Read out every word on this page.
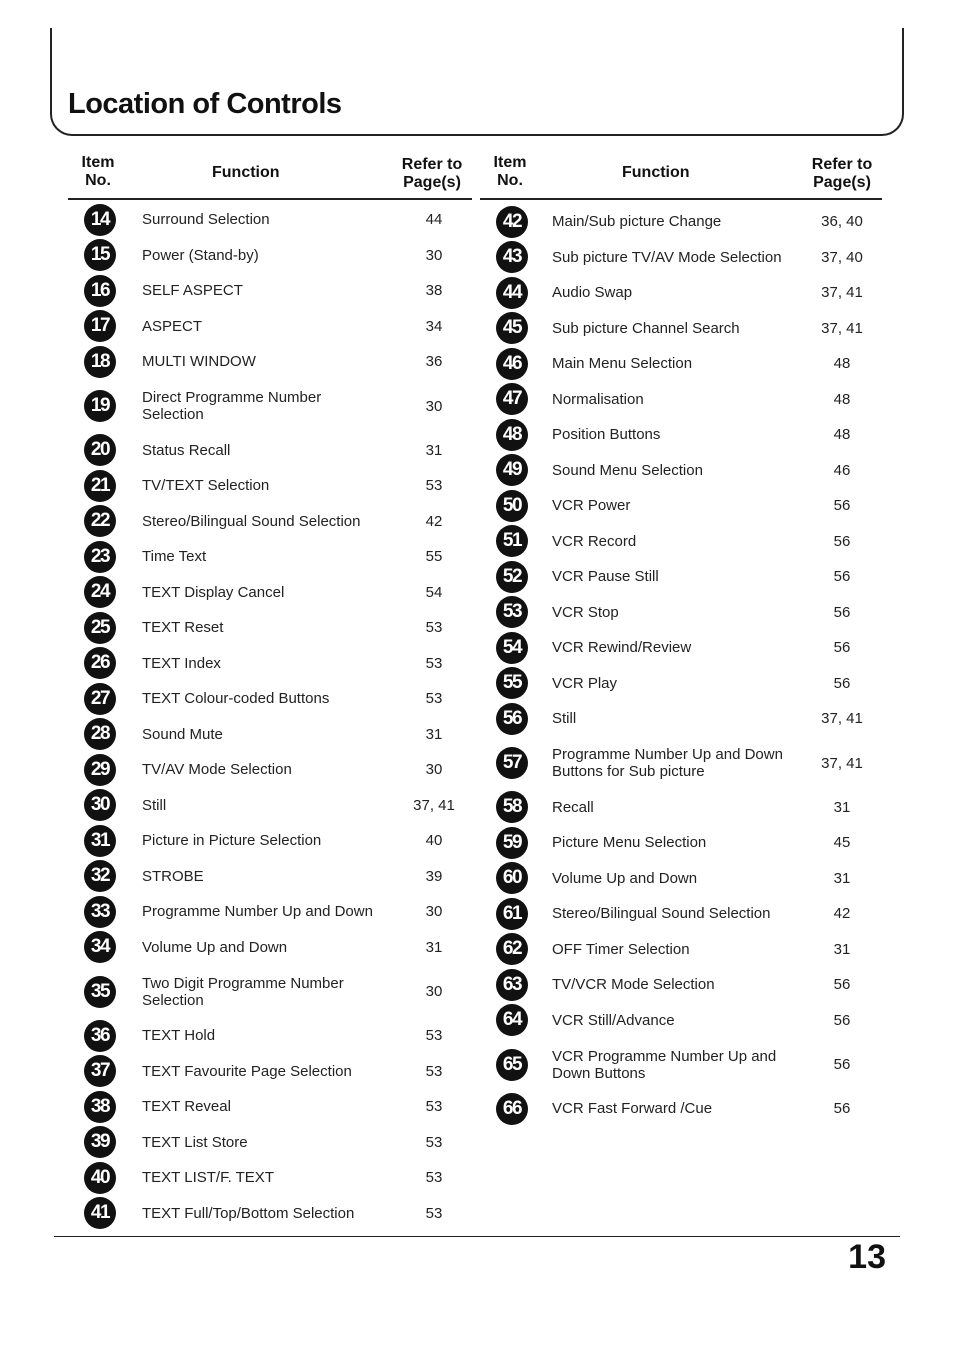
Location of Controls
Item
No.	Function	Refer to
Page(s)
14	Surround Selection	44
15	Power (Stand-by)	30
16	SELF ASPECT	38
17	ASPECT	34
18	MULTI WINDOW	36
19	Direct Programme Number
Selection	30
20	Status Recall	31
21	TV/TEXT Selection	53
22	Stereo/Bilingual Sound Selection	42
23	Time Text	55
24	TEXT Display Cancel	54
25	TEXT Reset	53
26	TEXT Index	53
27	TEXT Colour-coded Buttons	53
28	Sound Mute	31
29	TV/AV Mode Selection	30
30	Still	37, 41
31	Picture in Picture Selection	40
32	STROBE	39
33	Programme Number Up and Down	30
34	Volume Up and Down	31
35	Two Digit Programme Number
Selection	30
36	TEXT Hold	53
37	TEXT Favourite Page Selection	53
38	TEXT Reveal	53
39	TEXT List Store	53
40	TEXT LIST/F. TEXT	53
41	TEXT Full/Top/Bottom Selection	53
Item
No.	Function	Refer to
Page(s)
42	Main/Sub picture Change	36, 40
43	Sub picture TV/AV Mode Selection	37, 40
44	Audio Swap	37, 41
45	Sub picture Channel Search	37, 41
46	Main Menu Selection	48
47	Normalisation	48
48	Position Buttons	48
49	Sound Menu Selection	46
50	VCR Power	56
51	VCR Record	56
52	VCR Pause Still	56
53	VCR Stop	56
54	VCR Rewind/Review	56
55	VCR Play	56
56	Still	37, 41
57	Programme Number Up and Down
Buttons for Sub picture	37, 41
58	Recall	31
59	Picture Menu Selection	45
60	Volume Up and Down	31
61	Stereo/Bilingual Sound Selection	42
62	OFF Timer Selection	31
63	TV/VCR Mode Selection	56
64	VCR Still/Advance	56
65	VCR Programme Number Up and
Down Buttons	56
66	VCR Fast Forward /Cue	56
13
